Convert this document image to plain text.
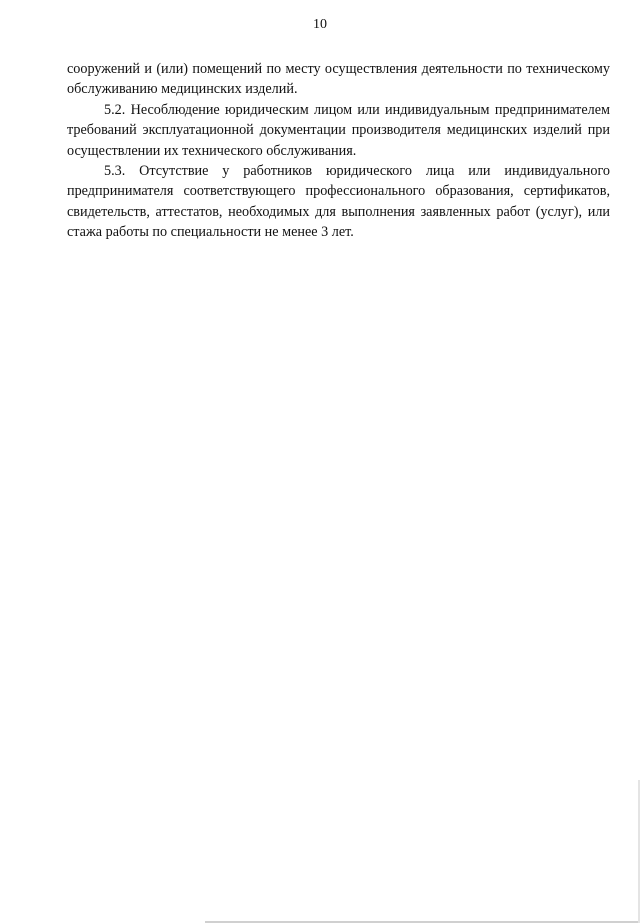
10

сооружений и (или) помещений по месту осуществления деятельности по техническому обслуживанию медицинских изделий.

5.2. Несоблюдение юридическим лицом или индивидуальным предпринимателем требований эксплуатационной документации производителя медицинских изделий при осуществлении их технического обслуживания.

5.3. Отсутствие у работников юридического лица или индивидуального предпринимателя соответствующего профессионального образования, сертификатов, свидетельств, аттестатов, необходимых для выполнения заявленных работ (услуг), или стажа работы по специальности не менее 3 лет.
